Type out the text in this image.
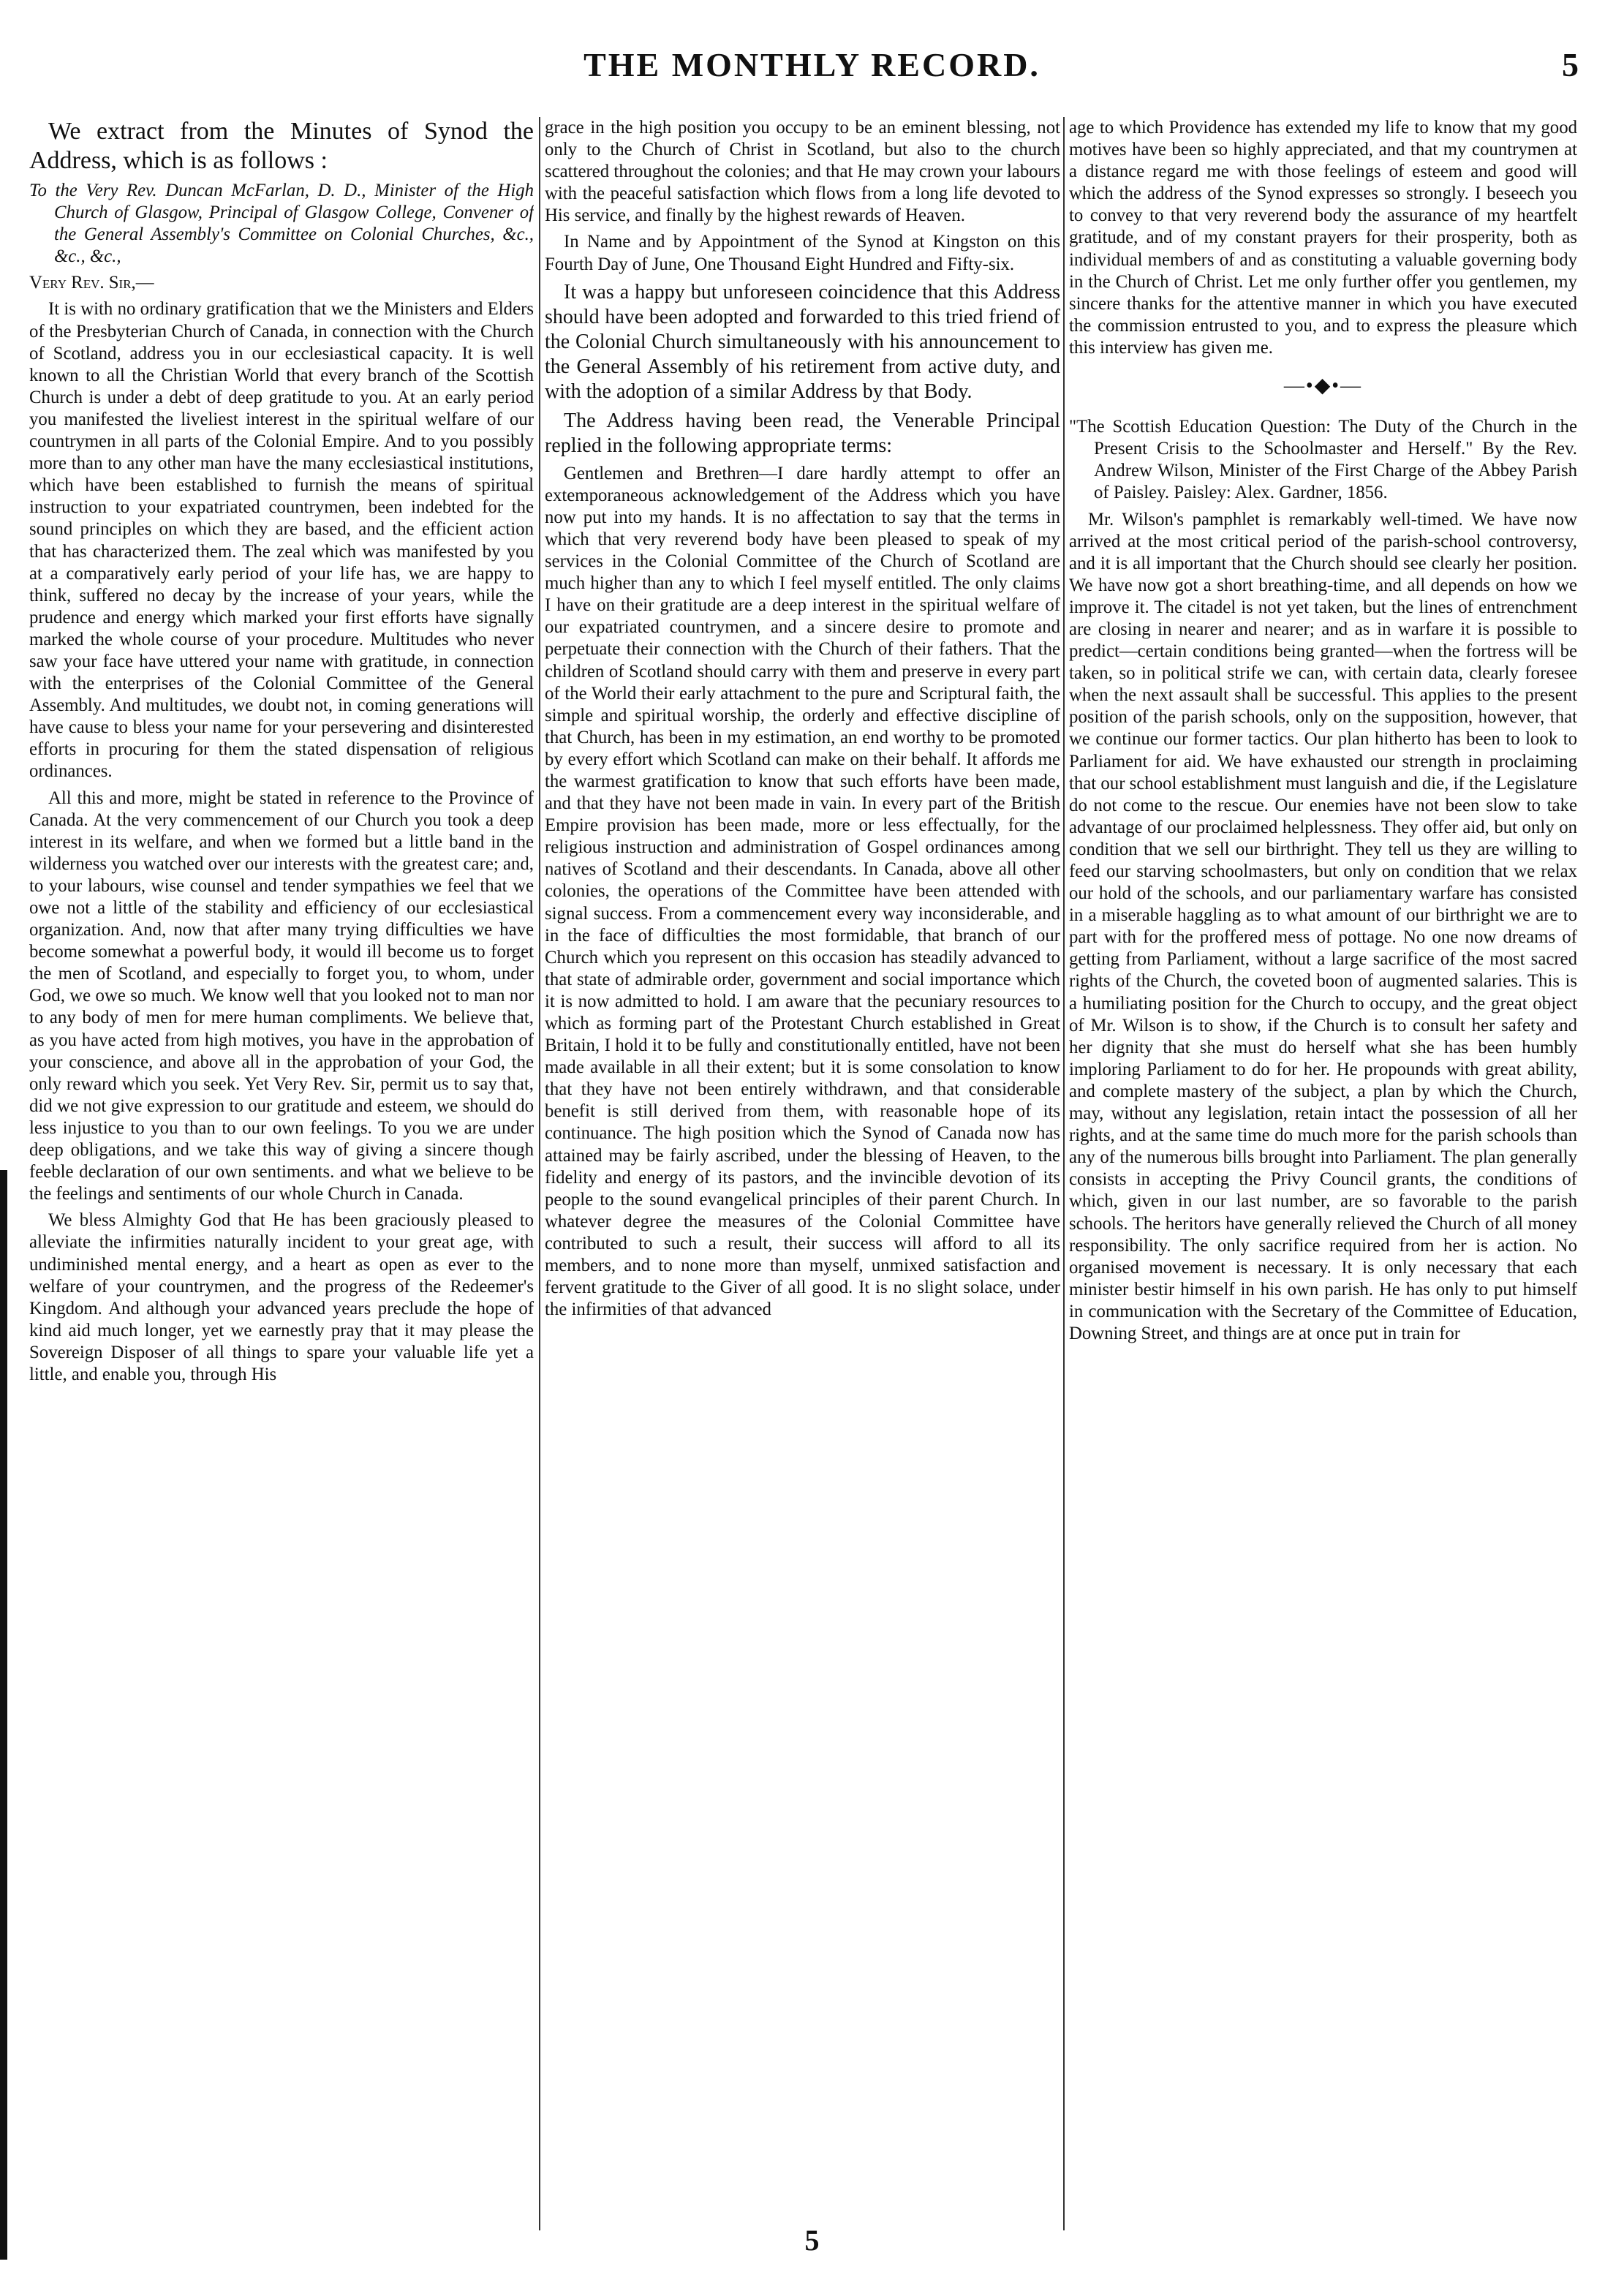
THE MONTHLY RECORD.	5

We extract from the Minutes of Synod the Address, which is as follows :

To the Very Rev. Duncan McFarlan, D. D., Minister of the High Church of Glasgow, Principal of Glasgow College, Convener of the General Assembly's Committee on Colonial Churches, &c., &c., &c.,

Very Rev. Sir,—

It is with no ordinary gratification that we the Ministers and Elders of the Presbyterian Church of Canada, in connection with the Church of Scotland, address you in our ecclesiastical capacity. It is well known to all the Christian World that every branch of the Scottish Church is under a debt of deep gratitude to you. At an early period you manifested the liveliest interest in the spiritual welfare of our countrymen in all parts of the Colonial Empire. And to you possibly more than to any other man have the many ecclesiastical institutions, which have been established to furnish the means of spiritual instruction to your expatriated countrymen, been indebted for the sound principles on which they are based, and the efficient action that has characterized them. The zeal which was manifested by you at a comparatively early period of your life has, we are happy to think, suffered no decay by the increase of your years, while the prudence and energy which marked your first efforts have signally marked the whole course of your procedure. Multitudes who never saw your face have uttered your name with gratitude, in connection with the enterprises of the Colonial Committee of the General Assembly. And multitudes, we doubt not, in coming generations will have cause to bless your name for your persevering and disinterested efforts in procuring for them the stated dispensation of religious ordinances.

All this and more, might be stated in reference to the Province of Canada. At the very commencement of our Church you took a deep interest in its welfare, and when we formed but a little band in the wilderness you watched over our interests with the greatest care; and, to your labours, wise counsel and tender sympathies we feel that we owe not a little of the stability and efficiency of our ecclesiastical organization. And, now that after many trying difficulties we have become somewhat a powerful body, it would ill become us to forget the men of Scotland, and especially to forget you, to whom, under God, we owe so much. We know well that you looked not to man nor to any body of men for mere human compliments. We believe that, as you have acted from high motives, you have in the approbation of your conscience, and above all in the approbation of your God, the only reward which you seek. Yet Very Rev. Sir, permit us to say that, did we not give expression to our gratitude and esteem, we should do less injustice to you than to our own feelings. To you we are under deep obligations, and we take this way of giving a sincere though feeble declaration of our own sentiments. and what we believe to be the feelings and sentiments of our whole Church in Canada.

We bless Almighty God that He has been graciously pleased to alleviate the infirmities naturally incident to your great age, with undiminished mental energy, and a heart as open as ever to the welfare of your countrymen, and the progress of the Redeemer's Kingdom. And although your advanced years preclude the hope of kind aid much longer, yet we earnestly pray that it may please the Sovereign Disposer of all things to spare your valuable life yet a little, and enable you, through His

grace in the high position you occupy to be an eminent blessing, not only to the Church of Christ in Scotland, but also to the church scattered throughout the colonies; and that He may crown your labours with the peaceful satisfaction which flows from a long life devoted to His service, and finally by the highest rewards of Heaven.

In Name and by Appointment of the Synod at Kingston on this Fourth Day of June, One Thousand Eight Hundred and Fifty-six.

It was a happy but unforeseen coincidence that this Address should have been adopted and forwarded to this tried friend of the Colonial Church simultaneously with his announcement to the General Assembly of his retirement from active duty, and with the adoption of a similar Address by that Body.

The Address having been read, the Venerable Principal replied in the following appropriate terms:

Gentlemen and Brethren—I dare hardly attempt to offer an extemporaneous acknowledgement of the Address which you have now put into my hands. It is no affectation to say that the terms in which that very reverend body have been pleased to speak of my services in the Colonial Committee of the Church of Scotland are much higher than any to which I feel myself entitled. The only claims I have on their gratitude are a deep interest in the spiritual welfare of our expatriated countrymen, and a sincere desire to promote and perpetuate their connection with the Church of their fathers. That the children of Scotland should carry with them and preserve in every part of the World their early attachment to the pure and Scriptural faith, the simple and spiritual worship, the orderly and effective discipline of that Church, has been in my estimation, an end worthy to be promoted by every effort which Scotland can make on their behalf. It affords me the warmest gratification to know that such efforts have been made, and that they have not been made in vain. In every part of the British Empire provision has been made, more or less effectually, for the religious instruction and administration of Gospel ordinances among natives of Scotland and their descendants. In Canada, above all other colonies, the operations of the Committee have been attended with signal success. From a commencement every way inconsiderable, and in the face of difficulties the most formidable, that branch of our Church which you represent on this occasion has steadily advanced to that state of admirable order, government and social importance which it is now admitted to hold. I am aware that the pecuniary resources to which as forming part of the Protestant Church established in Great Britain, I hold it to be fully and constitutionally entitled, have not been made available in all their extent; but it is some consolation to know that they have not been entirely withdrawn, and that considerable benefit is still derived from them, with reasonable hope of its continuance. The high position which the Synod of Canada now has attained may be fairly ascribed, under the blessing of Heaven, to the fidelity and energy of its pastors, and the invincible devotion of its people to the sound evangelical principles of their parent Church. In whatever degree the measures of the Colonial Committee have contributed to such a result, their success will afford to all its members, and to none more than myself, unmixed satisfaction and fervent gratitude to the Giver of all good. It is no slight solace, under the infirmities of that advanced

age to which Providence has extended my life to know that my good motives have been so highly appreciated, and that my countrymen at a distance regard me with those feelings of esteem and good will which the address of the Synod expresses so strongly. I beseech you to convey to that very reverend body the assurance of my heartfelt gratitude, and of my constant prayers for their prosperity, both as individual members of and as constituting a valuable governing body in the Church of Christ. Let me only further offer you gentlemen, my sincere thanks for the attentive manner in which you have executed the commission entrusted to you, and to express the pleasure which this interview has given me.

—•◆•—

"The Scottish Education Question: The Duty of the Church in the Present Crisis to the Schoolmaster and Herself." By the Rev. Andrew Wilson, Minister of the First Charge of the Abbey Parish of Paisley. Paisley: Alex. Gardner, 1856.

Mr. Wilson's pamphlet is remarkably well-timed. We have now arrived at the most critical period of the parish-school controversy, and it is all important that the Church should see clearly her position. We have now got a short breathing-time, and all depends on how we improve it. The citadel is not yet taken, but the lines of entrenchment are closing in nearer and nearer; and as in warfare it is possible to predict—certain conditions being granted—when the fortress will be taken, so in political strife we can, with certain data, clearly foresee when the next assault shall be successful. This applies to the present position of the parish schools, only on the supposition, however, that we continue our former tactics. Our plan hitherto has been to look to Parliament for aid. We have exhausted our strength in proclaiming that our school establishment must languish and die, if the Legislature do not come to the rescue. Our enemies have not been slow to take advantage of our proclaimed helplessness. They offer aid, but only on condition that we sell our birthright. They tell us they are willing to feed our starving schoolmasters, but only on condition that we relax our hold of the schools, and our parliamentary warfare has consisted in a miserable haggling as to what amount of our birthright we are to part with for the proffered mess of pottage. No one now dreams of getting from Parliament, without a large sacrifice of the most sacred rights of the Church, the coveted boon of augmented salaries. This is a humiliating position for the Church to occupy, and the great object of Mr. Wilson is to show, if the Church is to consult her safety and her dignity that she must do herself what she has been humbly imploring Parliament to do for her. He propounds with great ability, and complete mastery of the subject, a plan by which the Church, may, without any legislation, retain intact the possession of all her rights, and at the same time do much more for the parish schools than any of the numerous bills brought into Parliament. The plan generally consists in accepting the Privy Council grants, the conditions of which, given in our last number, are so favorable to the parish schools. The heritors have generally relieved the Church of all money responsibility. The only sacrifice required from her is action. No organised movement is necessary. It is only necessary that each minister bestir himself in his own parish. He has only to put himself in communication with the Secretary of the Committee of Education, Downing Street, and things are at once put in train for

5
